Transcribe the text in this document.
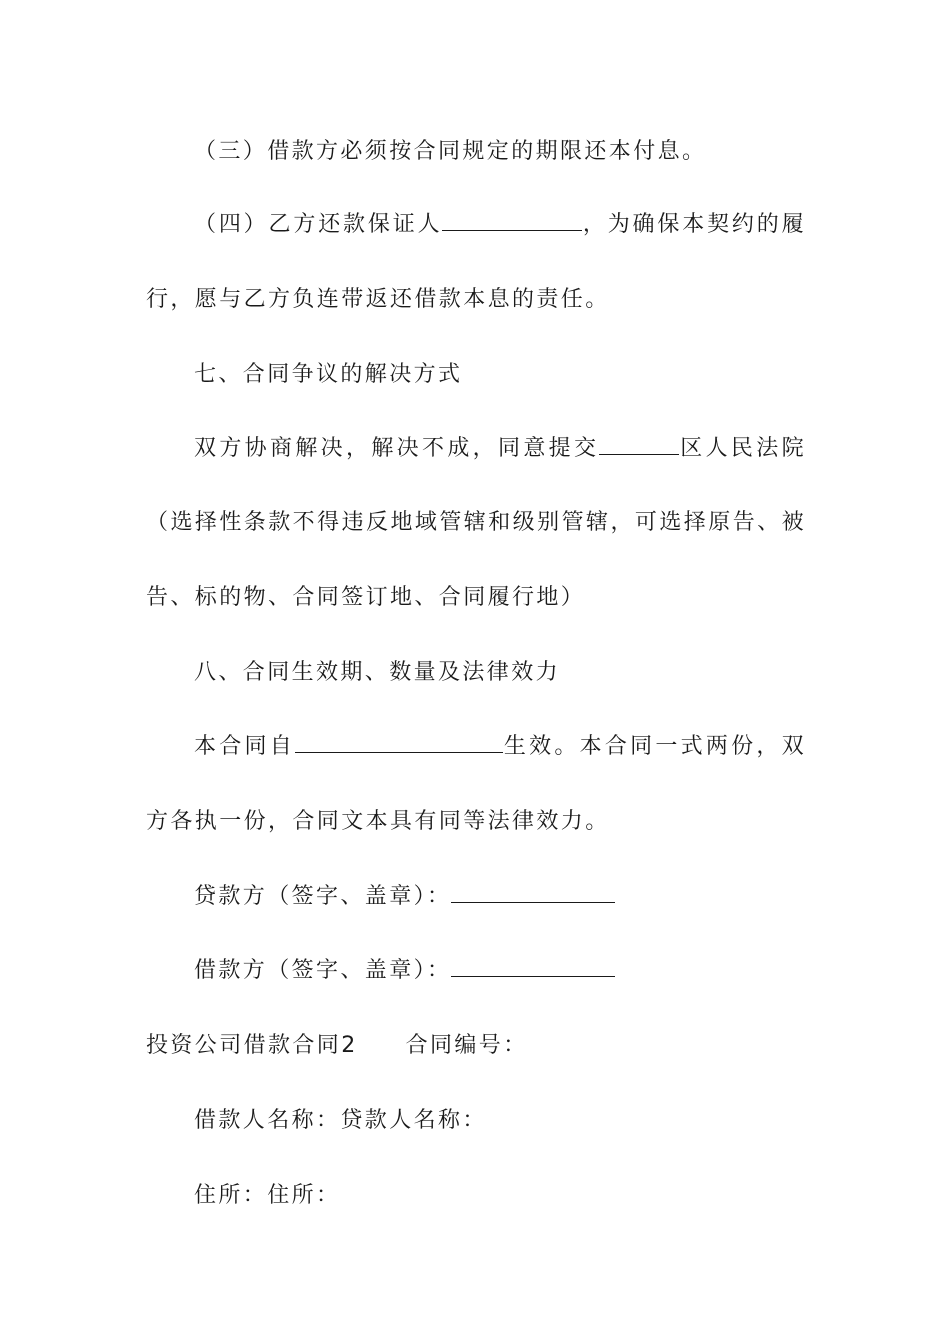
（三）借款方必须按合同规定的期限还本付息。
（四）乙方还款保证人	，为确保本契约的履
行，愿与乙方负连带返还借款本息的责任。
七、合同争议的解决方式
双方协商解决，解决不成，同意提交	区人民法院
（选择性条款不得违反地域管辖和级别管辖，可选择原告、被
告、标的物、合同签订地、合同履行地）
八、合同生效期、数量及法律效力
本合同自	生效。本合同一式两份，双
方各执一份，合同文本具有同等法律效力。
贷款方（签字、盖章）：
借款方（签字、盖章）：
投资公司借款合同2 合同编号：
借款人名称：贷款人名称：
住所：住所：
